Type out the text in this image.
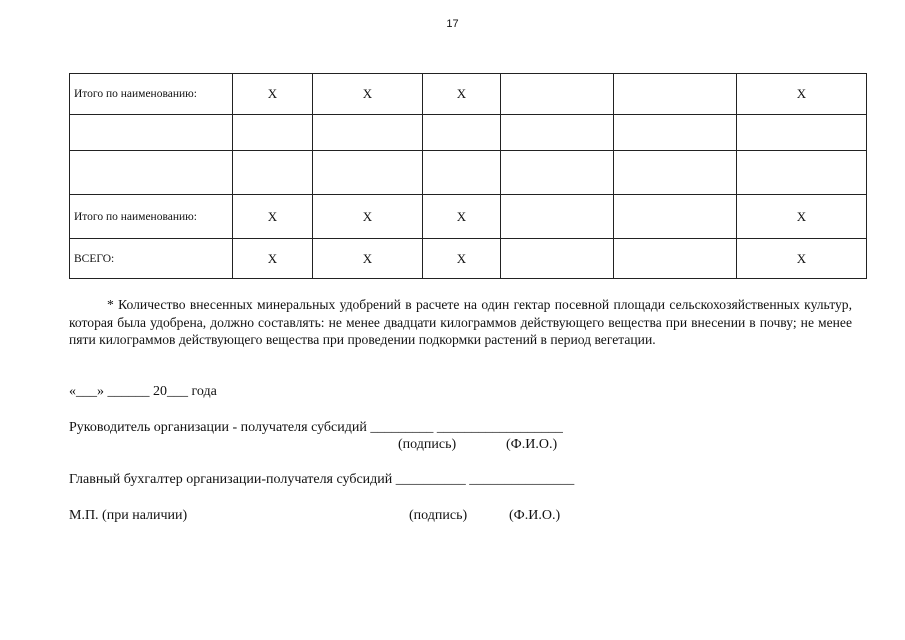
17
Итого по наименованию:	X	X	X			X

Итого по наименованию:	X	X	X			X
ВСЕГО:	X	X	X			X
* Количество внесенных минеральных удобрений в расчете на один гектар посевной площади сельскохозяйственных культур, которая была удобрена, должно составлять: не менее двадцати килограммов действующего вещества при внесении в почву; не менее пяти килограммов действующего вещества при проведении подкормки растений в период вегетации.
«___» ______ 20___ года
Руководитель организации - получателя субсидий _________ __________________
(подпись)	(Ф.И.О.)
Главный бухгалтер организации-получателя субсидий __________ _______________
М.П. (при наличии)	(подпись)	(Ф.И.О.)
